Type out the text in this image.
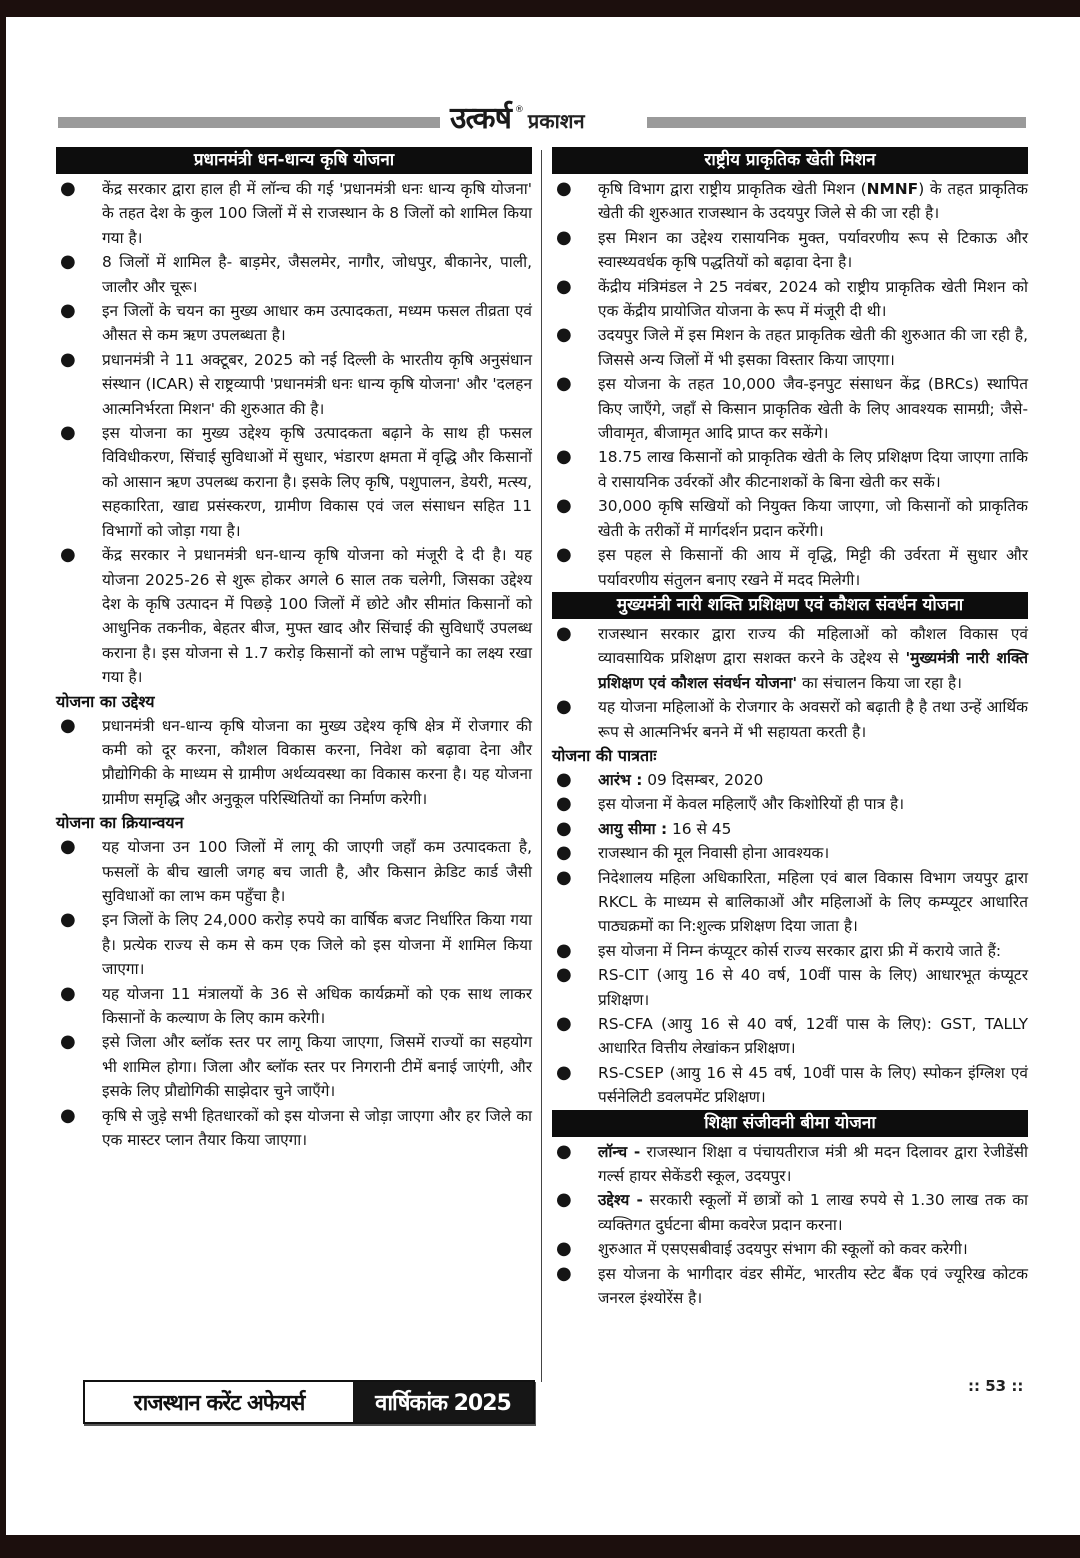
उत्कर्ष ® प्रकाशन
प्रधानमंत्री धन-धान्य कृषि योजना
● केंद्र सरकार द्वारा हाल ही में लॉन्च की गई 'प्रधानमंत्री धनः धान्य कृषि योजना' के तहत देश के कुल 100 जिलों में से राजस्थान के 8 जिलों को शामिल किया गया है।
● 8 जिलों में शामिल है- बाड़मेर, जैसलमेर, नागौर, जोधपुर, बीकानेर, पाली, जालौर और चूरू।
● इन जिलों के चयन का मुख्य आधार कम उत्पादकता, मध्यम फसल तीव्रता एवं औसत से कम ऋण उपलब्धता है।
● प्रधानमंत्री ने 11 अक्टूबर, 2025 को नई दिल्ली के भारतीय कृषि अनुसंधान संस्थान (ICAR) से राष्ट्रव्यापी 'प्रधानमंत्री धनः धान्य कृषि योजना' और 'दलहन आत्मनिर्भरता मिशन' की शुरुआत की है।
● इस योजना का मुख्य उद्देश्य कृषि उत्पादकता बढ़ाने के साथ ही फसल विविधीकरण, सिंचाई सुविधाओं में सुधार, भंडारण क्षमता में वृद्धि और किसानों को आसान ऋण उपलब्ध कराना है। इसके लिए कृषि, पशुपालन, डेयरी, मत्स्य, सहकारिता, खाद्य प्रसंस्करण, ग्रामीण विकास एवं जल संसाधन सहित 11 विभागों को जोड़ा गया है।
● केंद्र सरकार ने प्रधानमंत्री धन-धान्य कृषि योजना को मंजूरी दे दी है। यह योजना 2025-26 से शुरू होकर अगले 6 साल तक चलेगी, जिसका उद्देश्य देश के कृषि उत्पादन में पिछड़े 100 जिलों में छोटे और सीमांत किसानों को आधुनिक तकनीक, बेहतर बीज, मुफ्त खाद और सिंचाई की सुविधाएँ उपलब्ध कराना है। इस योजना से 1.7 करोड़ किसानों को लाभ पहुँचाने का लक्ष्य रखा गया है।

योजना का उद्देश्य

● प्रधानमंत्री धन-धान्य कृषि योजना का मुख्य उद्देश्य कृषि क्षेत्र में रोजगार की कमी को दूर करना, कौशल विकास करना, निवेश को बढ़ावा देना और प्रौद्योगिकी के माध्यम से ग्रामीण अर्थव्यवस्था का विकास करना है। यह योजना ग्रामीण समृद्धि और अनुकूल परिस्थितियों का निर्माण करेगी।

योजना का क्रियान्वयन

● यह योजना उन 100 जिलों में लागू की जाएगी जहाँ कम उत्पादकता है, फसलों के बीच खाली जगह बच जाती है, और किसान क्रेडिट कार्ड जैसी सुविधाओं का लाभ कम पहुँचा है।
● इन जिलों के लिए 24,000 करोड़ रुपये का वार्षिक बजट निर्धारित किया गया है। प्रत्येक राज्य से कम से कम एक जिले को इस योजना में शामिल किया जाएगा।
● यह योजना 11 मंत्रालयों के 36 से अधिक कार्यक्रमों को एक साथ लाकर किसानों के कल्याण के लिए काम करेगी।
● इसे जिला और ब्लॉक स्तर पर लागू किया जाएगा, जिसमें राज्यों का सहयोग भी शामिल होगा। जिला और ब्लॉक स्तर पर निगरानी टीमें बनाई जाएंगी, और इसके लिए प्रौद्योगिकी साझेदार चुने जाएँगे।
● कृषि से जुड़े सभी हितधारकों को इस योजना से जोड़ा जाएगा और हर जिले का एक मास्टर प्लान तैयार किया जाएगा।
राष्ट्रीय प्राकृतिक खेती मिशन
● कृषि विभाग द्वारा राष्ट्रीय प्राकृतिक खेती मिशन (NMNF) के तहत प्राकृतिक खेती की शुरुआत राजस्थान के उदयपुर जिले से की जा रही है।
● इस मिशन का उद्देश्य रासायनिक मुक्त, पर्यावरणीय रूप से टिकाऊ और स्वास्थ्यवर्धक कृषि पद्धतियों को बढ़ावा देना है।
● केंद्रीय मंत्रिमंडल ने 25 नवंबर, 2024 को राष्ट्रीय प्राकृतिक खेती मिशन को एक केंद्रीय प्रायोजित योजना के रूप में मंजूरी दी थी।
● उदयपुर जिले में इस मिशन के तहत प्राकृतिक खेती की शुरुआत की जा रही है, जिससे अन्य जिलों में भी इसका विस्तार किया जाएगा।
● इस योजना के तहत 10,000 जैव-इनपुट संसाधन केंद्र (BRCs) स्थापित किए जाएँगे, जहाँ से किसान प्राकृतिक खेती के लिए आवश्यक सामग्री; जैसे- जीवामृत, बीजामृत आदि प्राप्त कर सकेंगे।
● 18.75 लाख किसानों को प्राकृतिक खेती के लिए प्रशिक्षण दिया जाएगा ताकि वे रासायनिक उर्वरकों और कीटनाशकों के बिना खेती कर सकें।
● 30,000 कृषि सखियों को नियुक्त किया जाएगा, जो किसानों को प्राकृतिक खेती के तरीकों में मार्गदर्शन प्रदान करेंगी।
● इस पहल से किसानों की आय में वृद्धि, मिट्टी की उर्वरता में सुधार और पर्यावरणीय संतुलन बनाए रखने में मदद मिलेगी।
मुख्यमंत्री नारी शक्ति प्रशिक्षण एवं कौशल संवर्धन योजना
● राजस्थान सरकार द्वारा राज्य की महिलाओं को कौशल विकास एवं व्यावसायिक प्रशिक्षण द्वारा सशक्त करने के उद्देश्य से 'मुख्यमंत्री नारी शक्ति प्रशिक्षण एवं कौशल संवर्धन योजना' का संचालन किया जा रहा है।
● यह योजना महिलाओं के रोजगार के अवसरों को बढ़ाती है है तथा उन्हें आर्थिक रूप से आत्मनिर्भर बनने में भी सहायता करती है।

योजना की पात्रताः

● आरंभ : 09 दिसम्बर, 2020
● इस योजना में केवल महिलाएँ और किशोरियों ही पात्र है।
● आयु सीमा : 16 से 45
● राजस्थान की मूल निवासी होना आवश्यक।
● निदेशालय महिला अधिकारिता, महिला एवं बाल विकास विभाग जयपुर द्वारा RKCL के माध्यम से बालिकाओं और महिलाओं के लिए कम्प्यूटर आधारित पाठ्यक्रमों का नि:शुल्क प्रशिक्षण दिया जाता है।
● इस योजना में निम्न कंप्यूटर कोर्स राज्य सरकार द्वारा फ्री में कराये जाते हैं:
● RS-CIT (आयु 16 से 40 वर्ष, 10वीं पास के लिए) आधारभूत कंप्यूटर प्रशिक्षण।
● RS-CFA (आयु 16 से 40 वर्ष, 12वीं पास के लिए): GST, TALLY आधारित वित्तीय लेखांकन प्रशिक्षण।
● RS-CSEP (आयु 16 से 45 वर्ष, 10वीं पास के लिए) स्पोकन इंग्लिश एवं पर्सनेलिटी डवलपमेंट प्रशिक्षण।
शिक्षा संजीवनी बीमा योजना
● लॉन्च - राजस्थान शिक्षा व पंचायतीराज मंत्री श्री मदन दिलावर द्वारा रेजीडेंसी गर्ल्स हायर सेकेंडरी स्कूल, उदयपुर।
● उद्देश्य - सरकारी स्कूलों में छात्रों को 1 लाख रुपये से 1.30 लाख तक का व्यक्तिगत दुर्घटना बीमा कवरेज प्रदान करना।
● शुरुआत में एसएसबीवाई उदयपुर संभाग की स्कूलों को कवर करेगी।
● इस योजना के भागीदार वंडर सीमेंट, भारतीय स्टेट बैंक एवं ज्यूरिख कोटक जनरल इंश्योरेंस है।
राजस्थान करेंट अफेयर्स	वार्षिकांक 2025
:: 53 ::
